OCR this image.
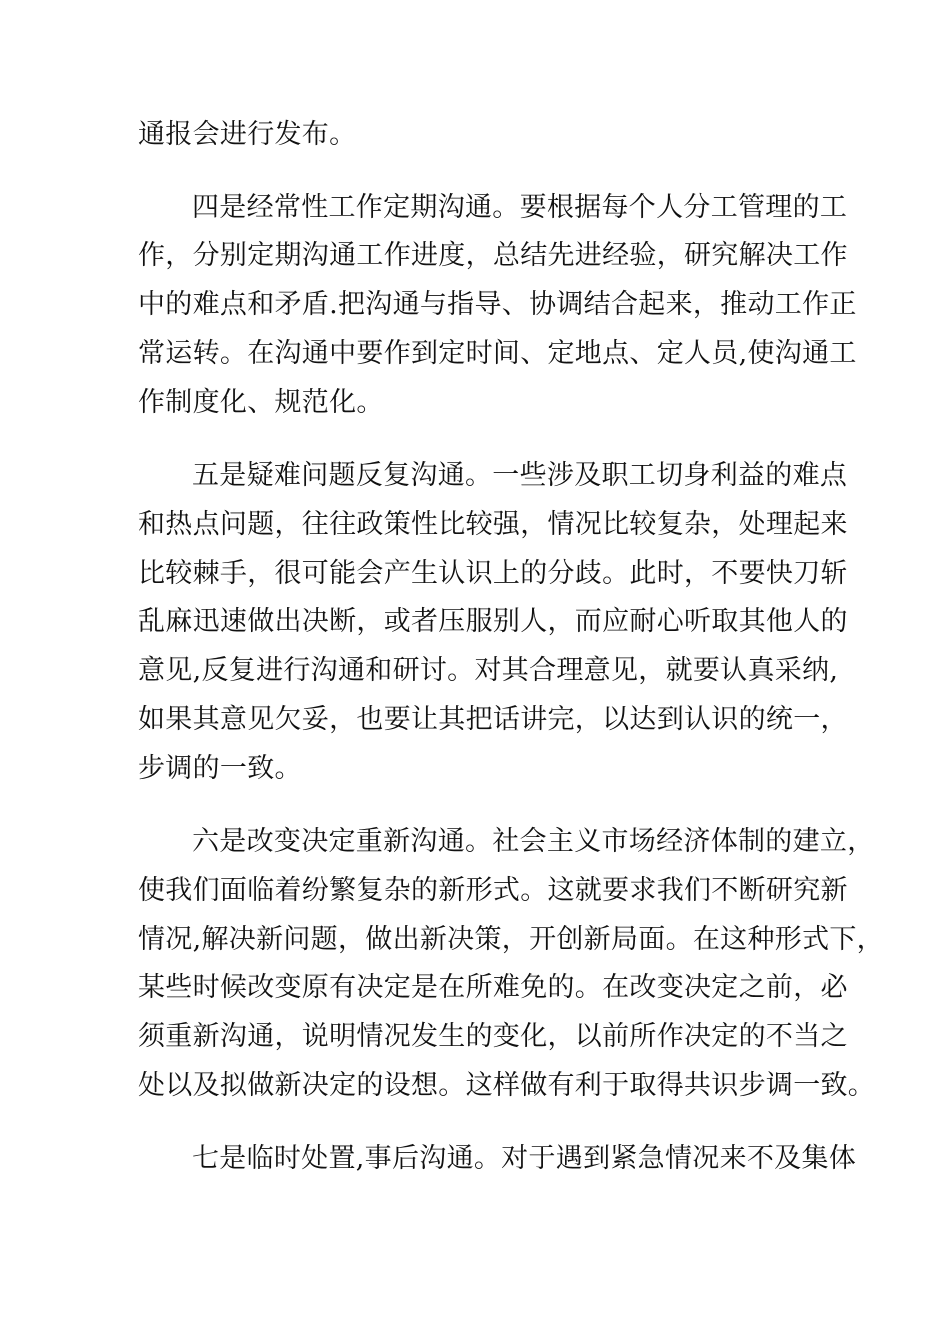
通报会进行发布。
四是经常性工作定期沟通。要根据每个人分工管理的工
作，分别定期沟通工作进度，总结先进经验，研究解决工作
中的难点和矛盾.把沟通与指导、协调结合起来，推动工作正
常运转。在沟通中要作到定时间、定地点、定人员,使沟通工
作制度化、规范化。
五是疑难问题反复沟通。一些涉及职工切身利益的难点
和热点问题，往往政策性比较强，情况比较复杂，处理起来
比较棘手，很可能会产生认识上的分歧。此时，不要快刀斩
乱麻迅速做出决断，或者压服别人，而应耐心听取其他人的
意见,反复进行沟通和研讨。对其合理意见，就要认真采纳,
如果其意见欠妥，也要让其把话讲完，以达到认识的统一，
步调的一致。
六是改变决定重新沟通。社会主义市场经济体制的建立，
使我们面临着纷繁复杂的新形式。这就要求我们不断研究新
情况,解决新问题，做出新决策，开创新局面。在这种形式下，
某些时候改变原有决定是在所难免的。在改变决定之前，必
须重新沟通，说明情况发生的变化，以前所作决定的不当之
处以及拟做新决定的设想。这样做有利于取得共识步调一致。
七是临时处置,事后沟通。对于遇到紧急情况来不及集体
